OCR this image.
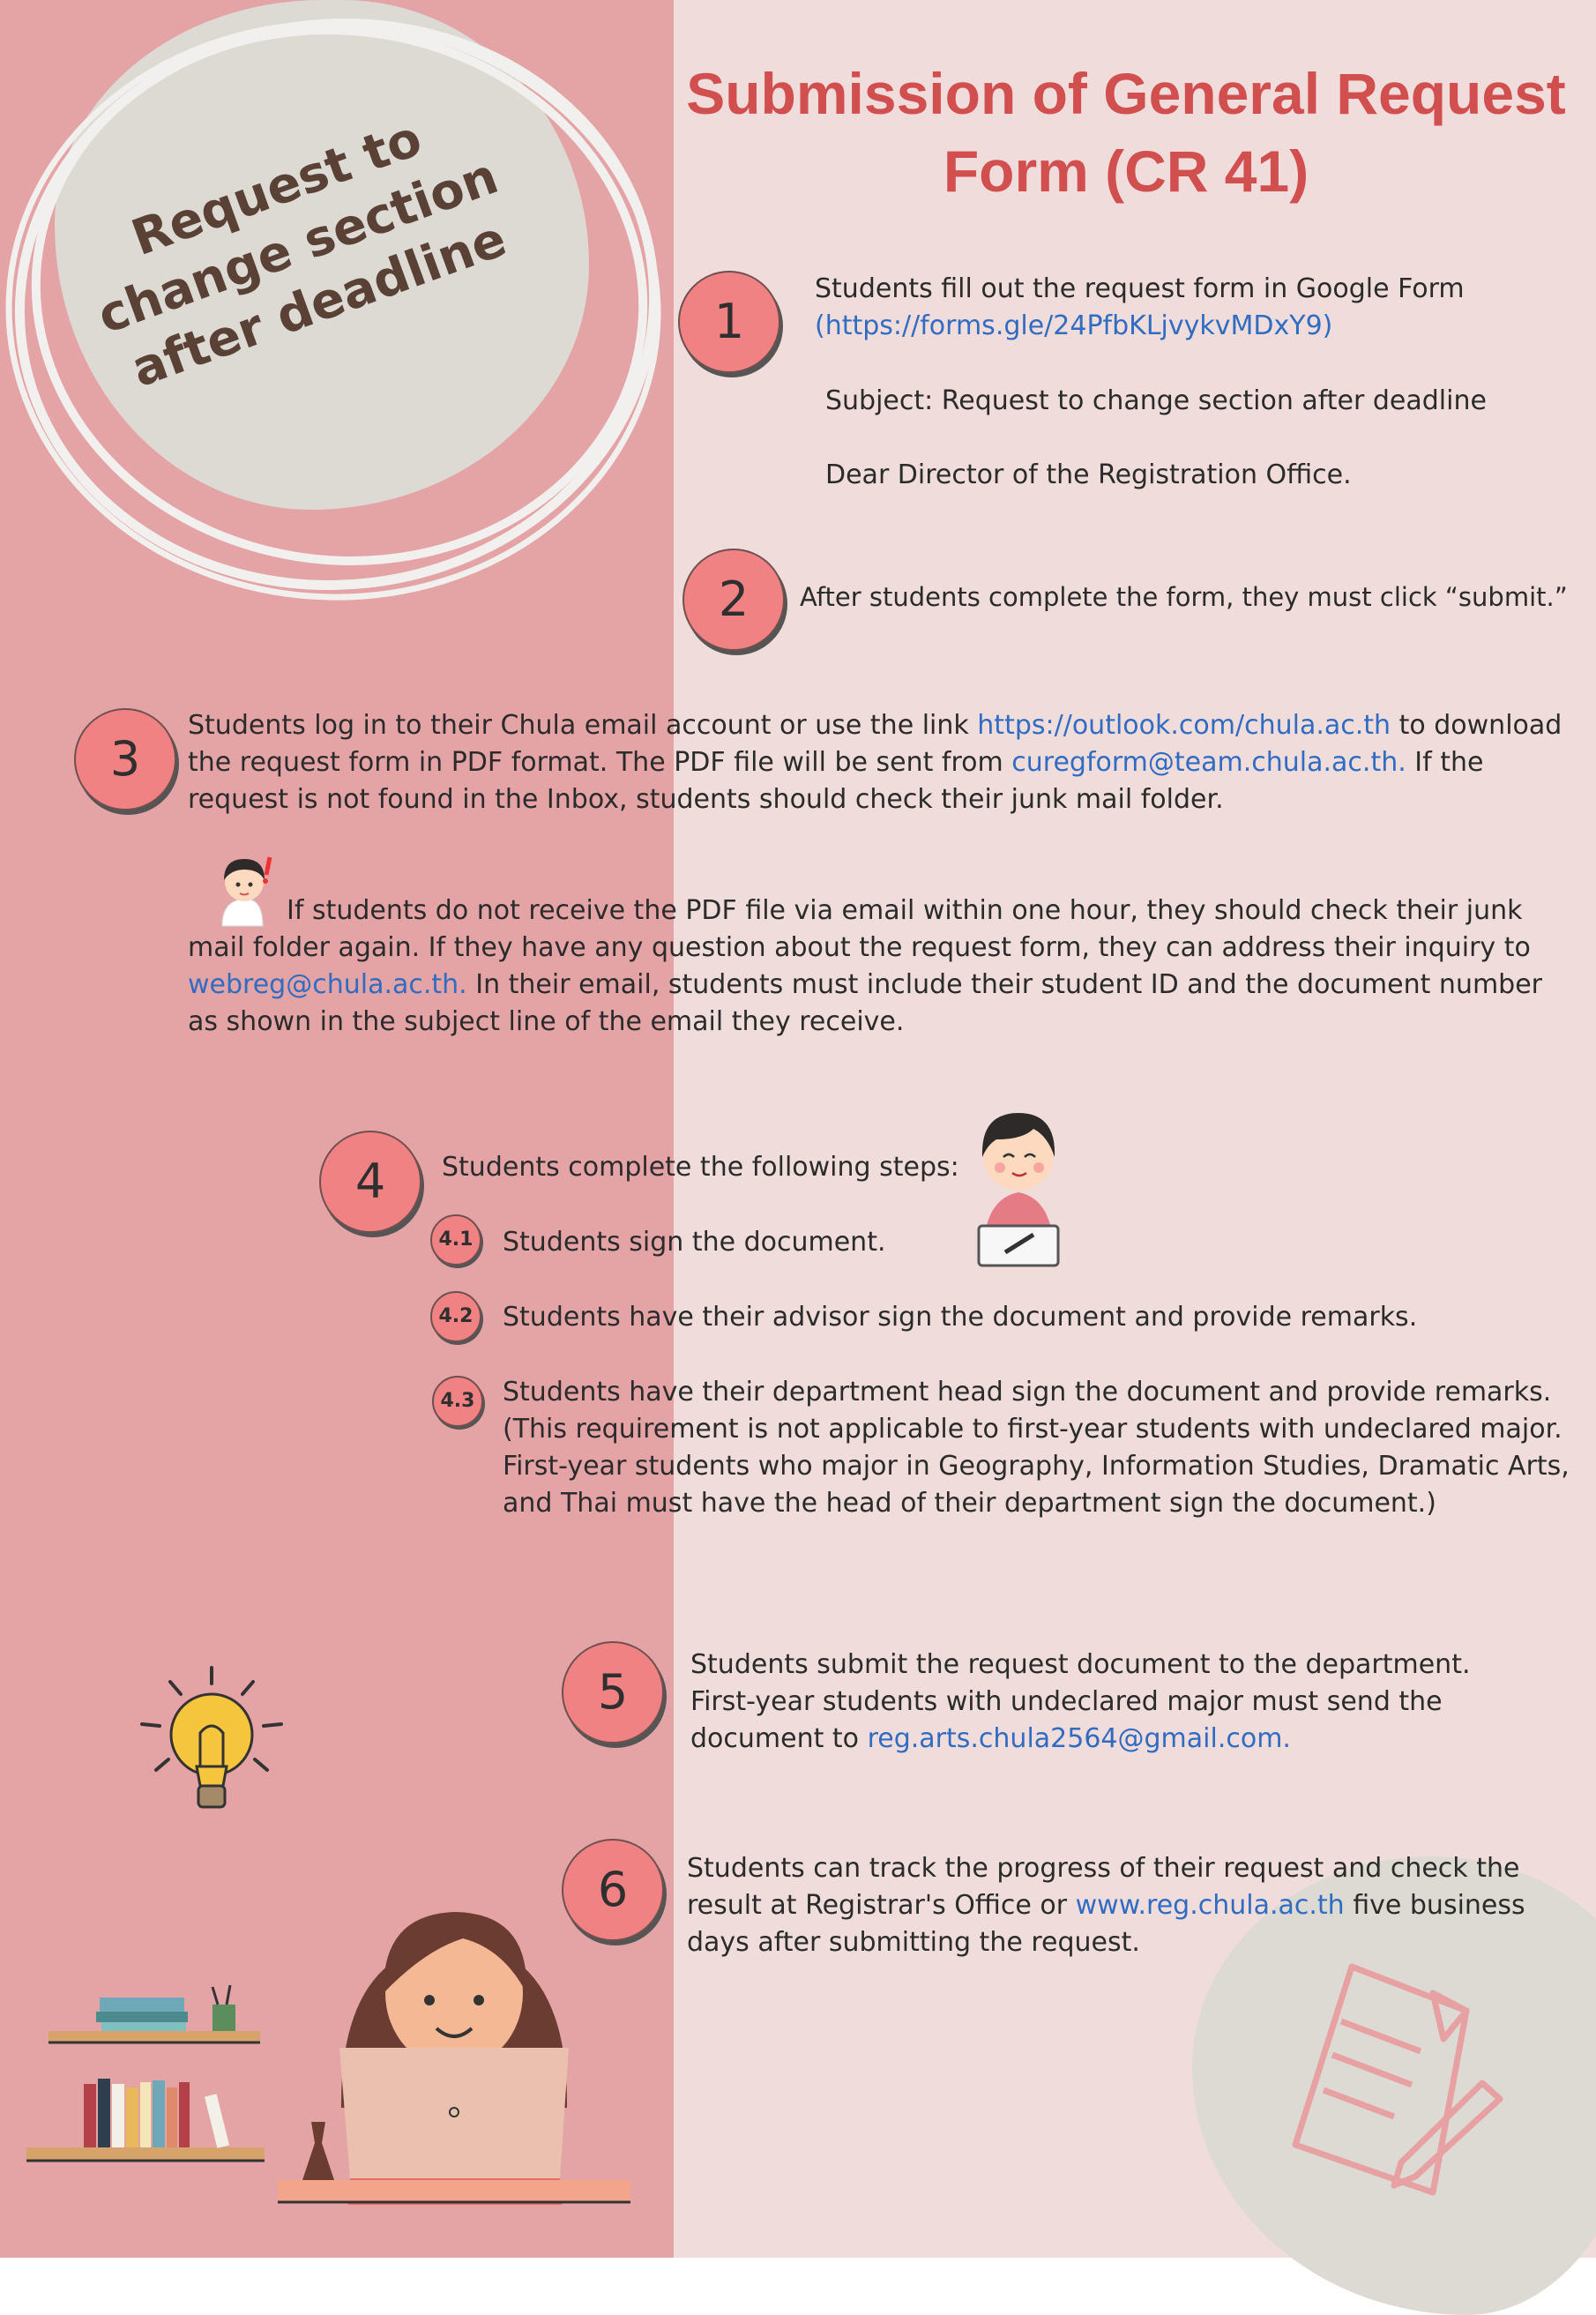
Request to change section after deadline
Submission of General Request Form (CR 41)
1
Students fill out the request form in Google Form
(https://forms.gle/24PfbKLjvykvMDxY9)
Subject: Request to change section after deadline
Dear Director of the Registration Office.
2	After students complete the form, they must click “submit.”
3
Students log in to their Chula email account or use the link https://outlook.com/chula.ac.th to download the request form in PDF format. The PDF file will be sent from curegform@team.chula.ac.th. If the request is not found in the Inbox, students should check their junk mail folder.
If students do not receive the PDF file via email within one hour, they should check their junk mail folder again. If they have any question about the request form, they can address their inquiry to webreg@chula.ac.th. In their email, students must include their student ID and the document number as shown in the subject line of the email they receive.
4	Students complete the following steps:
4.1	Students sign the document.
4.2	Students have their advisor sign the document and provide remarks.
4.3	Students have their department head sign the document and provide remarks. (This requirement is not applicable to first-year students with undeclared major. First-year students who major in Geography, Information Studies, Dramatic Arts, and Thai must have the head of their department sign the document.)
5	Students submit the request document to the department. First-year students with undeclared major must send the document to reg.arts.chula2564@gmail.com.
6	Students can track the progress of their request and check the result at Registrar's Office or www.reg.chula.ac.th five business days after submitting the request.
